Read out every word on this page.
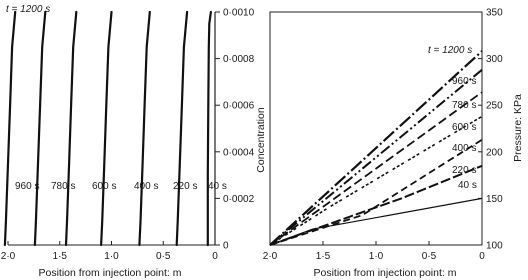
2·0	1·5	1·0	0·5	0
0
0·0002
0·0004
0·0006
0·0008
0·0010
Position from injection point: m
t = 1200 s
960 s 780 s 600 s 400 s 220 s 40 s
Concentration
2·0	1·5	1·0	0·5	0
100
150
200
250
300
350
Position from injection point: m
Pressure: KPa
t = 1200 s
960 s
780 s
600 s
400 s
220 s
40 s
